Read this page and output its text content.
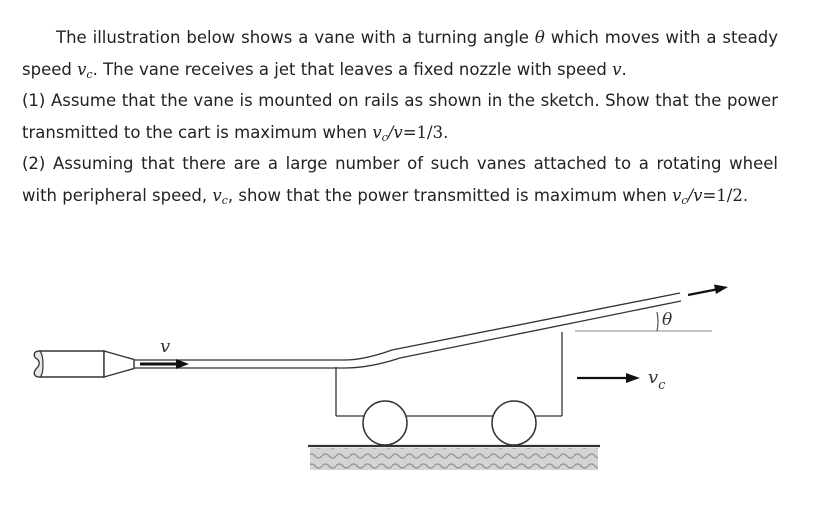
The illustration below shows a vane with a turning angle θ which moves with a steady speed $v_c$. The vane receives a jet that leaves a fixed nozzle with speed v.

(1) Assume that the vane is mounted on rails as shown in the sketch. Show that the power transmitted to the cart is maximum when $v_c/v=1/3$.

(2) Assuming that there are a large number of such vanes attached to a rotating wheel with peripheral speed, $v_c$, show that the power transmitted is maximum when $v_c/v=1/2$.

v
θ
$v_c$
